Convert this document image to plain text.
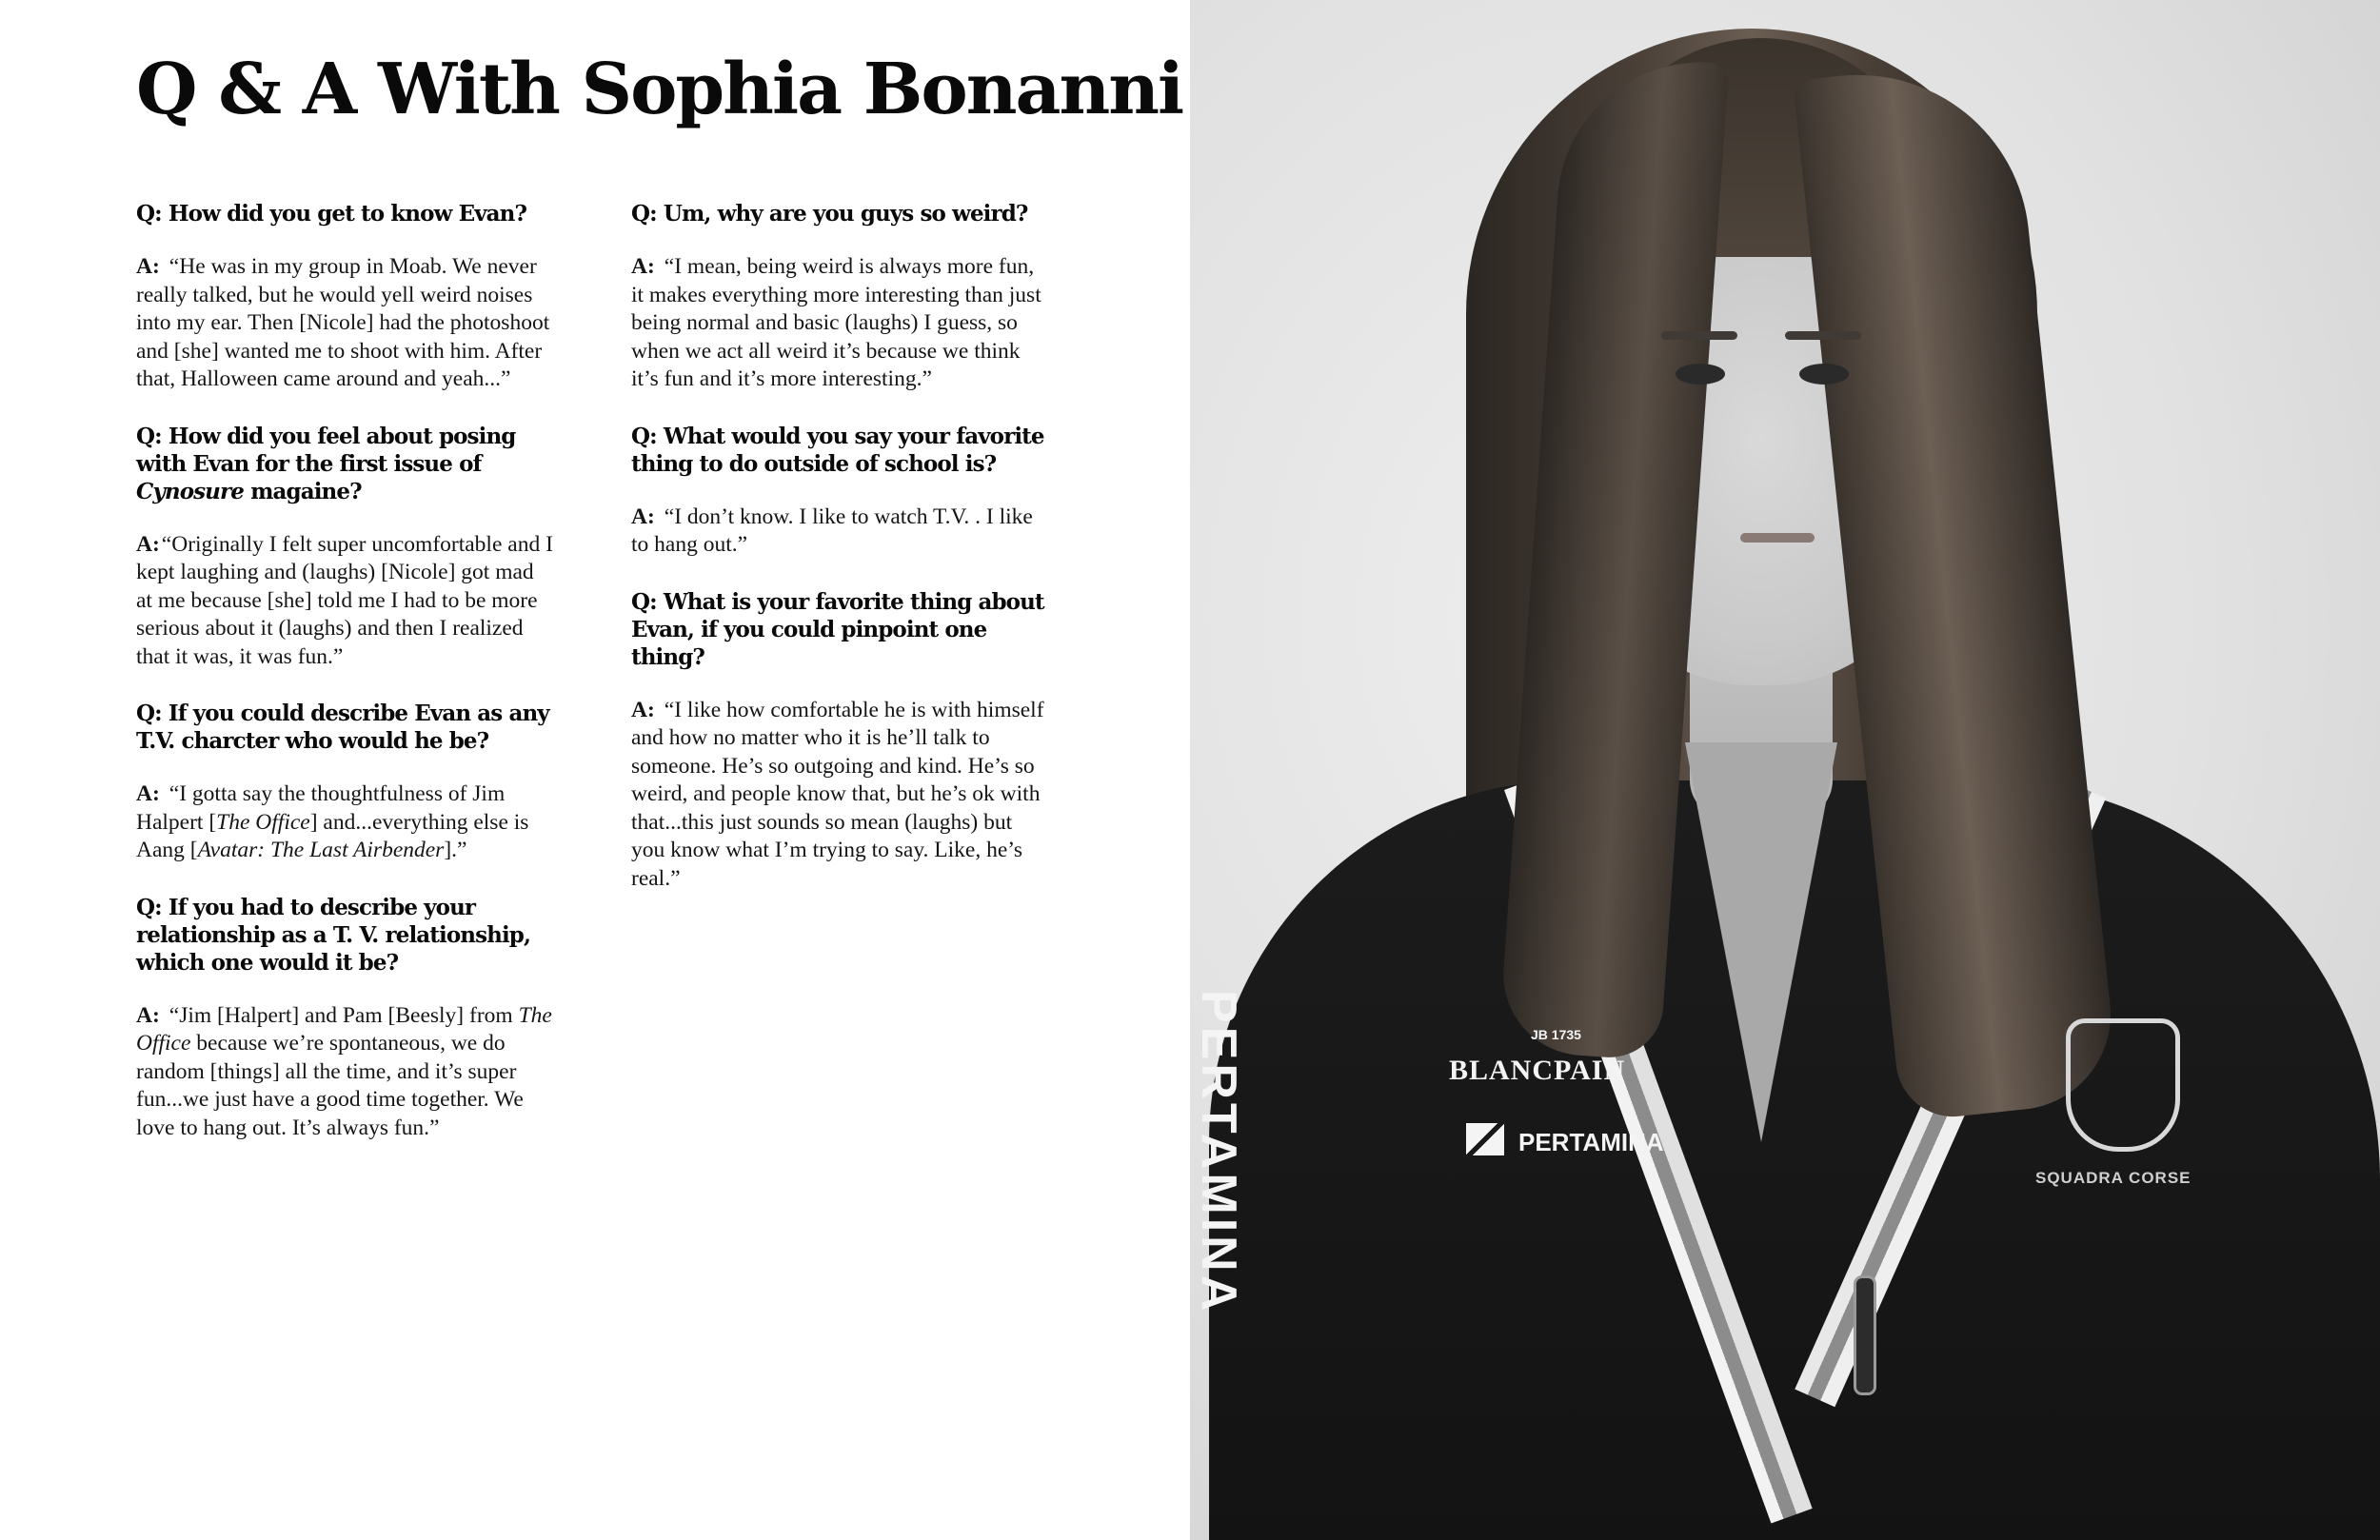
Q & A With Sophia Bonanni

Q: How did you get to know Evan?

A: “He was in my group in Moab. We never really talked, but he would yell weird noises into my ear. Then [Nicole] had the photoshoot and [she] wanted me to shoot with him. After that, Halloween came around and yeah...”

Q: How did you feel about posing with Evan for the first issue of Cynosure magaine?

A:“Originally I felt super uncomfortable and I kept laughing and (laughs) [Nicole] got mad at me because [she] told me I had to be more serious about it (laughs) and then I realized that it was, it was fun.”

Q: If you could describe Evan as any T.V. charcter who would he be?

A: “I gotta say the thoughtfulness of Jim Halpert [The Office] and...everything else is Aang [Avatar: The Last Airbender].”

Q: If you had to describe your relationship as a T. V. relationship, which one would it be?

A: “Jim [Halpert] and Pam [Beesly] from The Office because we’re spontaneous, we do random [things] all the time, and it’s super fun...we just have a good time together. We love to hang out. It’s always fun.”

Q: Um, why are you guys so weird?

A: “I mean, being weird is always more fun, it makes everything more interesting than just being normal and basic (laughs) I guess, so when we act all weird it’s because we think it’s fun and it’s more interesting.”

Q: What would you say your favorite thing to do outside of school is?

A: “I don’t know. I like to watch T.V. . I like to hang out.”

Q: What is your favorite thing about Evan, if you could pinpoint one thing?

A: “I like how comfortable he is with himself and how no matter who it is he’ll talk to someone. He’s so outgoing and kind. He’s so weird, and people know that, but he’s ok with that...this just sounds so mean (laughs) but you know what I’m trying to say. Like, he’s real.”

JB 1735
BLANCPAIN
PERTAMINA
PERTAMINA	SQUADRA CORSE
